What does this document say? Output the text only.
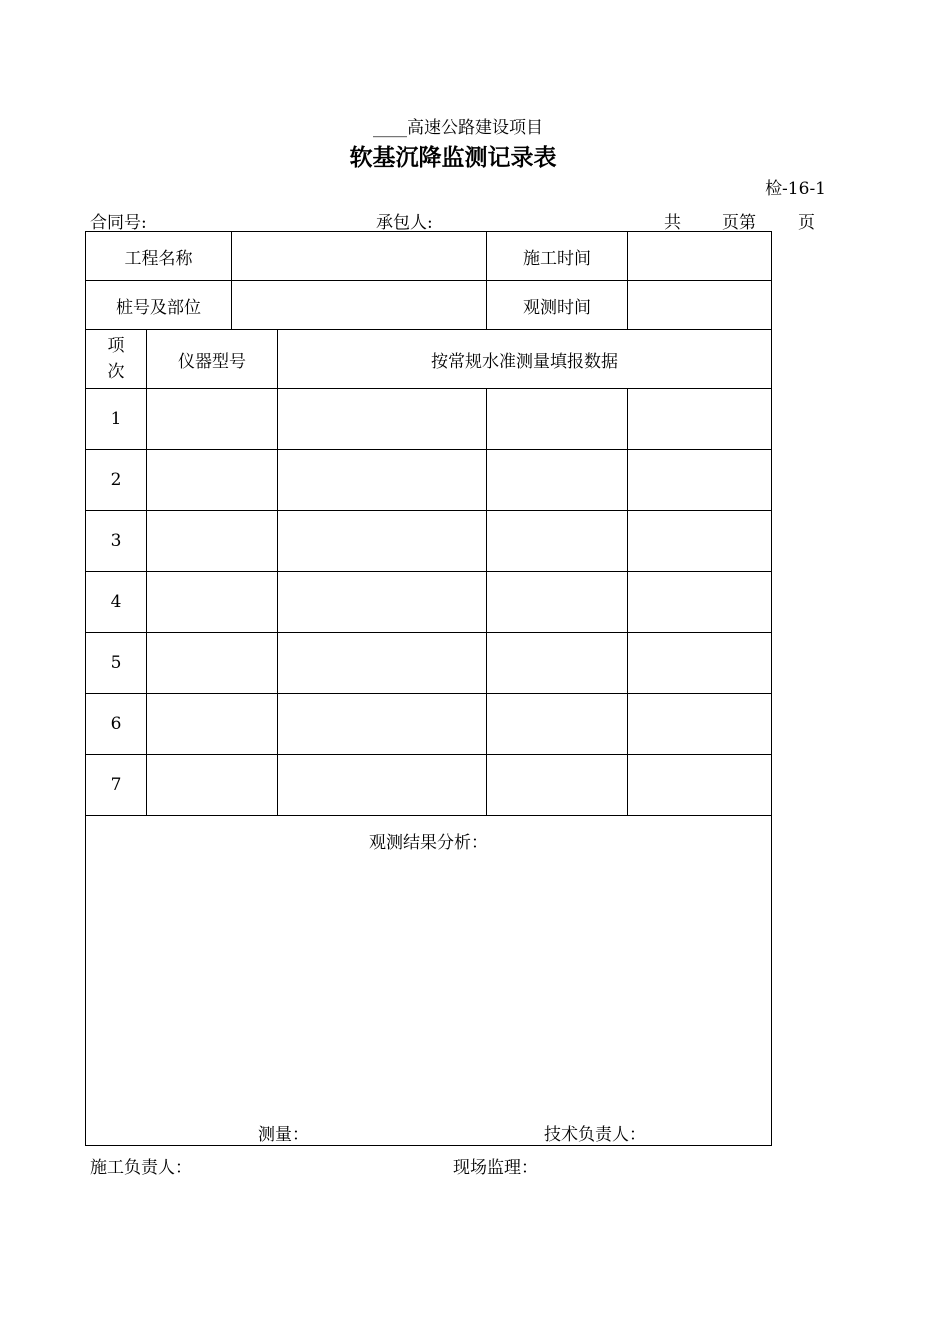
____高速公路建设项目
软基沉降监测记录表
检-16-1
合同号:	承包人:	共 页第 页
工程名称				施工时间	
桩号及部位				观测时间	
项
次	仪器型号		按常规水准测量填报数据		
1					
2					
3					
4					
5					
6					
7					

观测结果分析：
测量： 技术负责人：					
施工负责人：	现场监理：
